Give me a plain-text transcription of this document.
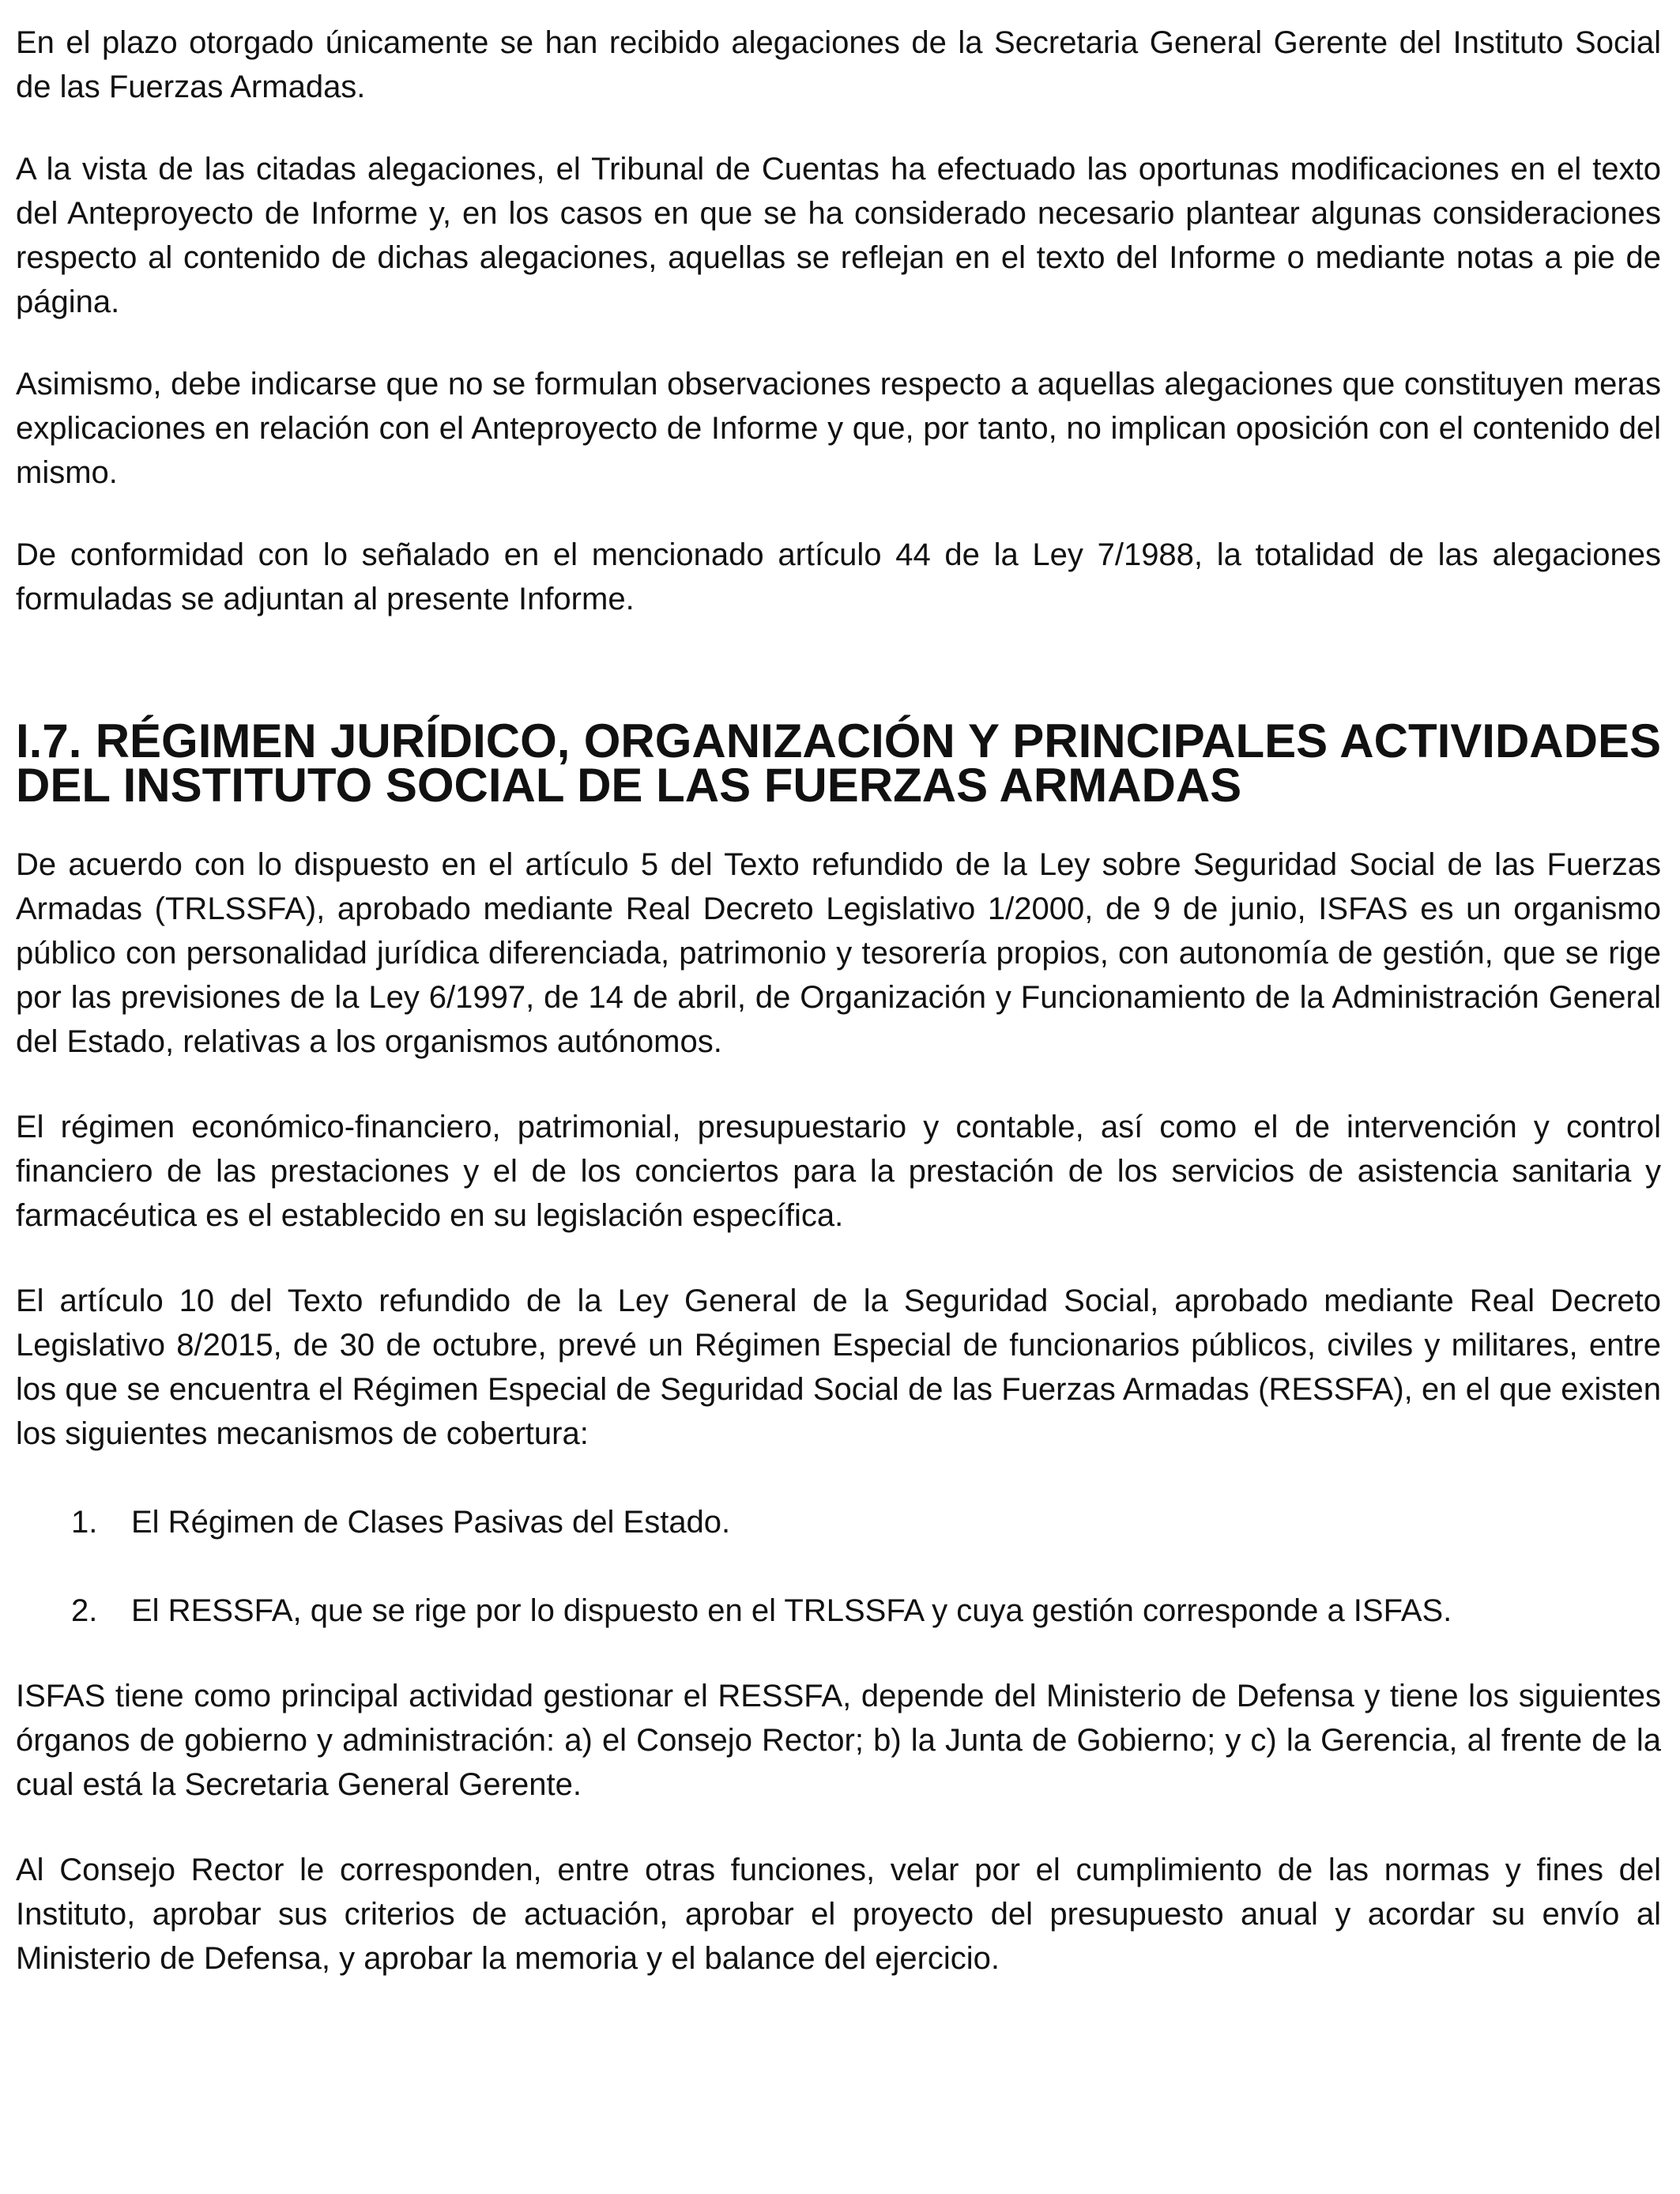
En el plazo otorgado únicamente se han recibido alegaciones de la Secretaria General Gerente del Instituto Social de las Fuerzas Armadas.

A la vista de las citadas alegaciones, el Tribunal de Cuentas ha efectuado las oportunas modificaciones en el texto del Anteproyecto de Informe y, en los casos en que se ha considerado necesario plantear algunas consideraciones respecto al contenido de dichas alegaciones, aquellas se reflejan en el texto del Informe o mediante notas a pie de página.

Asimismo, debe indicarse que no se formulan observaciones respecto a aquellas alegaciones que constituyen meras explicaciones en relación con el Anteproyecto de Informe y que, por tanto, no implican oposición con el contenido del mismo.

De conformidad con lo señalado en el mencionado artículo 44 de la Ley 7/1988, la totalidad de las alegaciones formuladas se adjuntan al presente Informe.

I.7. RÉGIMEN JURÍDICO, ORGANIZACIÓN Y PRINCIPALES ACTIVIDADES DEL INSTITUTO SOCIAL DE LAS FUERZAS ARMADAS

De acuerdo con lo dispuesto en el artículo 5 del Texto refundido de la Ley sobre Seguridad Social de las Fuerzas Armadas (TRLSSFA), aprobado mediante Real Decreto Legislativo 1/2000, de 9 de junio, ISFAS es un organismo público con personalidad jurídica diferenciada, patrimonio y tesorería propios, con autonomía de gestión, que se rige por las previsiones de la Ley 6/1997, de 14 de abril, de Organización y Funcionamiento de la Administración General del Estado, relativas a los organismos autónomos.

El régimen económico-financiero, patrimonial, presupuestario y contable, así como el de intervención y control financiero de las prestaciones y el de los conciertos para la prestación de los servicios de asistencia sanitaria y farmacéutica es el establecido en su legislación específica.

El artículo 10 del Texto refundido de la Ley General de la Seguridad Social, aprobado mediante Real Decreto Legislativo 8/2015, de 30 de octubre, prevé un Régimen Especial de funcionarios públicos, civiles y militares, entre los que se encuentra el Régimen Especial de Seguridad Social de las Fuerzas Armadas (RESSFA), en el que existen los siguientes mecanismos de cobertura:

1. El Régimen de Clases Pasivas del Estado.
2. El RESSFA, que se rige por lo dispuesto en el TRLSSFA y cuya gestión corresponde a ISFAS.

ISFAS tiene como principal actividad gestionar el RESSFA, depende del Ministerio de Defensa y tiene los siguientes órganos de gobierno y administración: a) el Consejo Rector; b) la Junta de Gobierno; y c) la Gerencia, al frente de la cual está la Secretaria General Gerente.

Al Consejo Rector le corresponden, entre otras funciones, velar por el cumplimiento de las normas y fines del Instituto, aprobar sus criterios de actuación, aprobar el proyecto del presupuesto anual y acordar su envío al Ministerio de Defensa, y aprobar la memoria y el balance del ejercicio.
